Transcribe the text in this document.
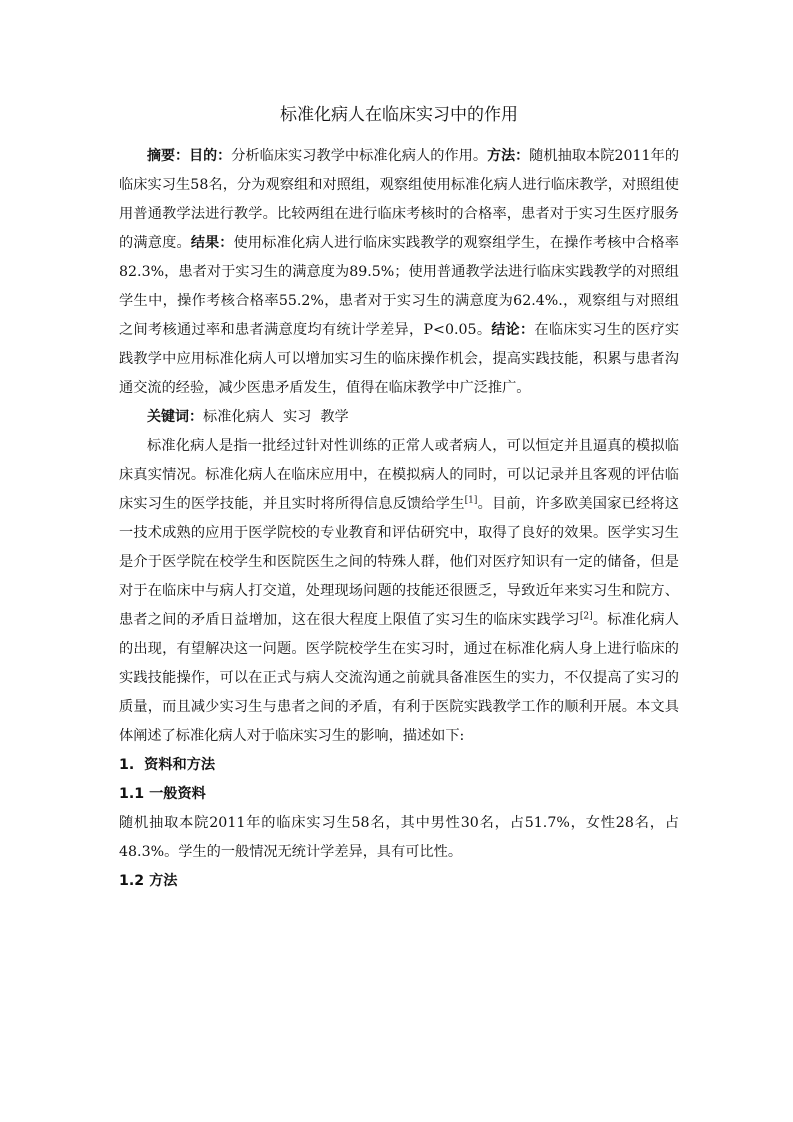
标准化病人在临床实习中的作用

摘要：目的：分析临床实习教学中标准化病人的作用。方法：随机抽取本院2011年的临床实习生58名，分为观察组和对照组，观察组使用标准化病人进行临床教学，对照组使用普通教学法进行教学。比较两组在进行临床考核时的合格率，患者对于实习生医疗服务的满意度。结果：使用标准化病人进行临床实践教学的观察组学生，在操作考核中合格率 82.3%，患者对于实习生的满意度为89.5%；使用普通教学法进行临床实践教学的对照组学生中，操作考核合格率55.2%，患者对于实习生的满意度为62.4%.，观察组与对照组之间考核通过率和患者满意度均有统计学差异，P<0.05。结论：在临床实习生的医疗实践教学中应用标准化病人可以增加实习生的临床操作机会，提高实践技能，积累与患者沟通交流的经验，减少医患矛盾发生，值得在临床教学中广泛推广。

关键词：标准化病人  实习  教学

标准化病人是指一批经过针对性训练的正常人或者病人，可以恒定并且逼真的模拟临床真实情况。标准化病人在临床应用中，在模拟病人的同时，可以记录并且客观的评估临床实习生的医学技能，并且实时将所得信息反馈给学生[1]。目前，许多欧美国家已经将这一技术成熟的应用于医学院校的专业教育和评估研究中，取得了良好的效果。医学实习生是介于医学院在校学生和医院医生之间的特殊人群，他们对医疗知识有一定的储备，但是对于在临床中与病人打交道，处理现场问题的技能还很匮乏，导致近年来实习生和院方、患者之间的矛盾日益增加，这在很大程度上限值了实习生的临床实践学习[2]。标准化病人的出现，有望解决这一问题。医学院校学生在实习时，通过在标准化病人身上进行临床的实践技能操作，可以在正式与病人交流沟通之前就具备准医生的实力，不仅提高了实习的质量，而且减少实习生与患者之间的矛盾，有利于医院实践教学工作的顺利开展。本文具体阐述了标准化病人对于临床实习生的影响，描述如下:

1.  资料和方法

1.1 一般资料

随机抽取本院2011年的临床实习生58名，其中男性30名，占51.7%，女性28名，占 48.3%。学生的一般情况无统计学差异，具有可比性。

1.2 方法
